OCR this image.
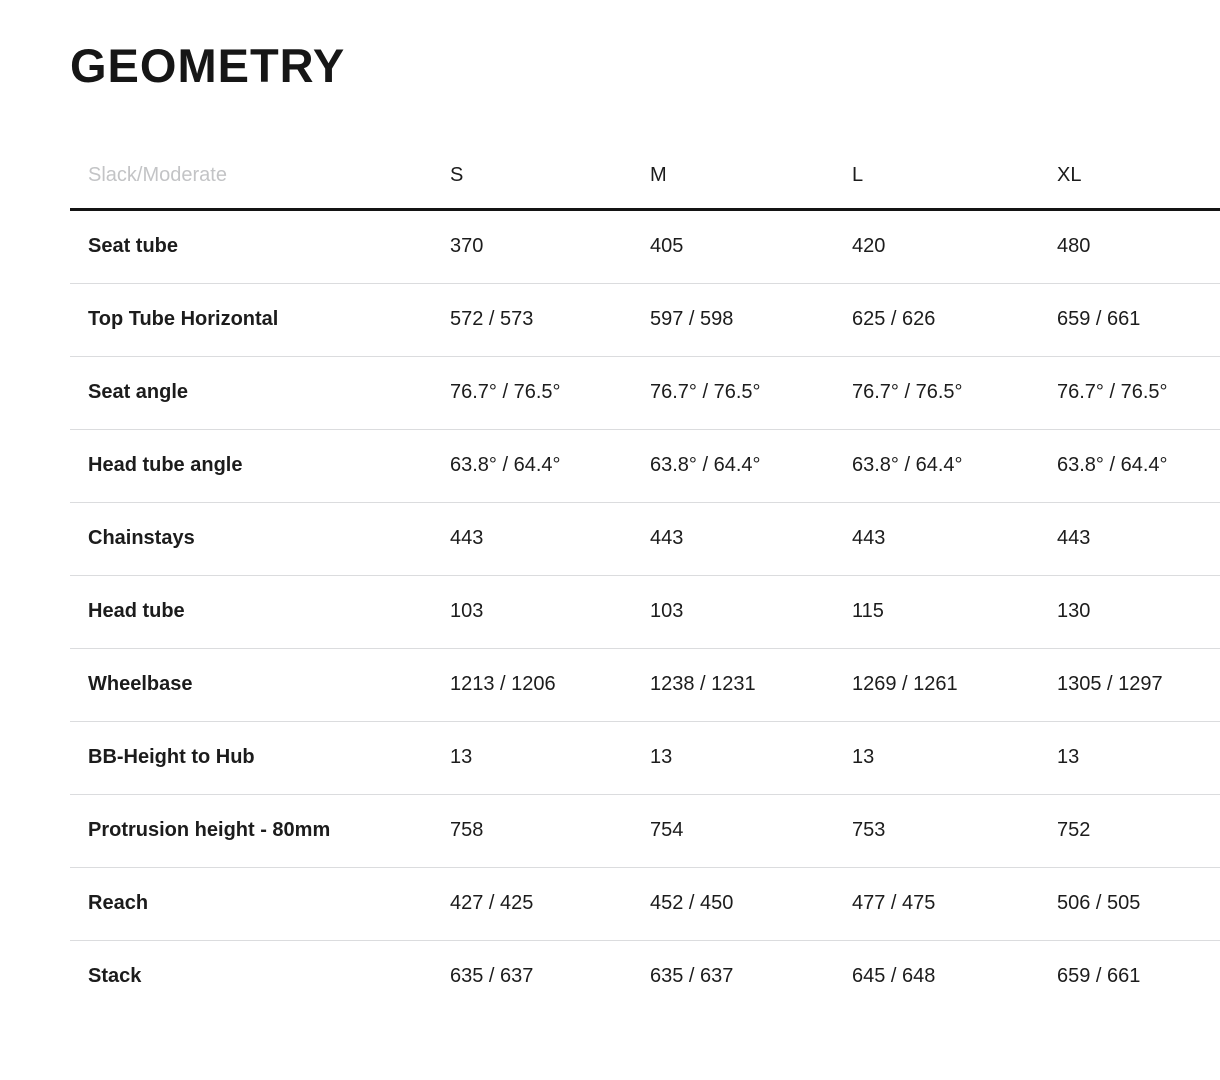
GEOMETRY
Slack/Moderate	S	M	L	XL
Seat tube	370	405	420	480
Top Tube Horizontal	572 / 573	597 / 598	625 / 626	659 / 661
Seat angle	76.7° / 76.5°	76.7° / 76.5°	76.7° / 76.5°	76.7° / 76.5°
Head tube angle	63.8° / 64.4°	63.8° / 64.4°	63.8° / 64.4°	63.8° / 64.4°
Chainstays	443	443	443	443
Head tube	103	103	115	130
Wheelbase	1213 / 1206	1238 / 1231	1269 / 1261	1305 / 1297
BB-Height to Hub	13	13	13	13
Protrusion height - 80mm	758	754	753	752
Reach	427 / 425	452 / 450	477 / 475	506 / 505
Stack	635 / 637	635 / 637	645 / 648	659 / 661
